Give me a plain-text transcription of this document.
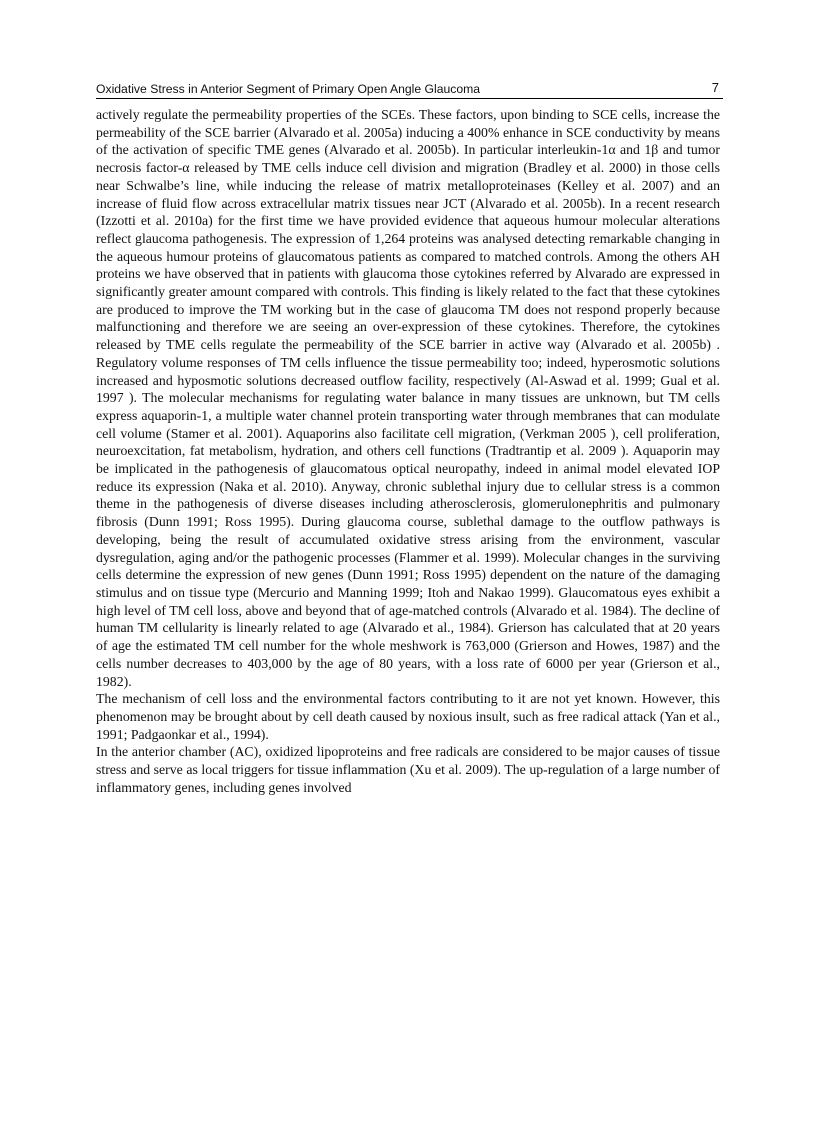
Oxidative Stress in Anterior Segment of Primary Open Angle Glaucoma	7

actively regulate the permeability properties of the SCEs. These factors, upon binding to SCE cells, increase the permeability of the SCE barrier (Alvarado et al. 2005a) inducing a 400% enhance in SCE conductivity by means of the activation of specific TME genes (Alvarado et al. 2005b). In particular interleukin-1α and 1β and tumor necrosis factor-α released by TME cells induce cell division and migration (Bradley et al. 2000) in those cells near Schwalbe’s line, while inducing the release of matrix metalloproteinases (Kelley et al. 2007) and an increase of fluid flow across extracellular matrix tissues near JCT (Alvarado et al. 2005b). In a recent research (Izzotti et al. 2010a) for the first time we have provided evidence that aqueous humour molecular alterations reflect glaucoma pathogenesis. The expression of 1,264 proteins was analysed detecting remarkable changing in the aqueous humour proteins of glaucomatous patients as compared to matched controls. Among the others AH proteins we have observed that in patients with glaucoma those cytokines referred by Alvarado are expressed in significantly greater amount compared with controls. This finding is likely related to the fact that these cytokines are produced to improve the TM working but in the case of glaucoma TM does not respond properly because malfunctioning and therefore we are seeing an over-expression of these cytokines. Therefore, the cytokines released by TME cells regulate the permeability of the SCE barrier in active way (Alvarado et al. 2005b) . Regulatory volume responses of TM cells influence the tissue permeability too; indeed, hyperosmotic solutions increased and hyposmotic solutions decreased outflow facility, respectively (Al-Aswad et al. 1999; Gual et al. 1997 ). The molecular mechanisms for regulating water balance in many tissues are unknown, but TM cells express aquaporin-1, a multiple water channel protein transporting water through membranes that can modulate cell volume (Stamer et al. 2001). Aquaporins also facilitate cell migration, (Verkman 2005 ), cell proliferation, neuroexcitation, fat metabolism, hydration, and others cell functions (Tradtrantip et al. 2009 ). Aquaporin may be implicated in the pathogenesis of glaucomatous optical neuropathy, indeed in animal model elevated IOP reduce its expression (Naka et al. 2010). Anyway, chronic sublethal injury due to cellular stress is a common theme in the pathogenesis of diverse diseases including atherosclerosis, glomerulonephritis and pulmonary fibrosis (Dunn 1991; Ross 1995). During glaucoma course, sublethal damage to the outflow pathways is developing, being the result of accumulated oxidative stress arising from the environment, vascular dysregulation, aging and/or the pathogenic processes (Flammer et al. 1999). Molecular changes in the surviving cells determine the expression of new genes (Dunn 1991; Ross 1995) dependent on the nature of the damaging stimulus and on tissue type (Mercurio and Manning 1999; Itoh and Nakao 1999). Glaucomatous eyes exhibit a high level of TM cell loss, above and beyond that of age-matched controls (Alvarado et al. 1984). The decline of human TM cellularity is linearly related to age (Alvarado et al., 1984). Grierson has calculated that at 20 years of age the estimated TM cell number for the whole meshwork is 763,000 (Grierson and Howes, 1987) and the cells number decreases to 403,000 by the age of 80 years, with a loss rate of 6000 per year (Grierson et al., 1982).

The mechanism of cell loss and the environmental factors contributing to it are not yet known. However, this phenomenon may be brought about by cell death caused by noxious insult, such as free radical attack (Yan et al., 1991; Padgaonkar et al., 1994).

In the anterior chamber (AC), oxidized lipoproteins and free radicals are considered to be major causes of tissue stress and serve as local triggers for tissue inflammation (Xu et al. 2009). The up-regulation of a large number of inflammatory genes, including genes involved
